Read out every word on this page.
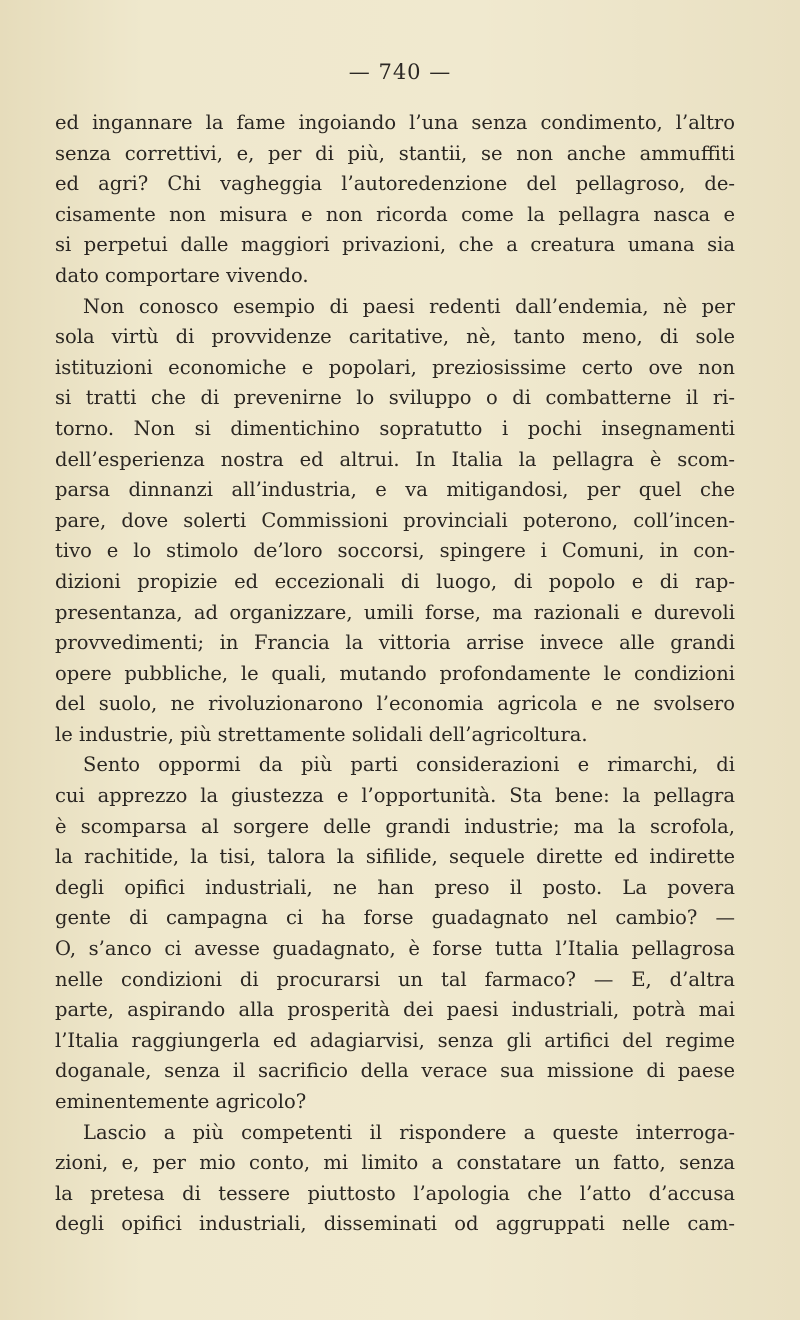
— 740 —
ed ingannare la fame ingoiando l’una senza condimento, l’altro
senza correttivi, e, per di più, stantii, se non anche ammuffiti
ed agri? Chi vagheggia l’autoredenzione del pellagroso, de-
cisamente non misura e non ricorda come la pellagra nasca e
si perpetui dalle maggiori privazioni, che a creatura umana sia
dato comportare vivendo.
Non conosco esempio di paesi redenti dall’endemia, nè per
sola virtù di provvidenze caritative, nè, tanto meno, di sole
istituzioni economiche e popolari, preziosissime certo ove non
si tratti che di prevenirne lo sviluppo o di combatterne il ri-
torno. Non si dimentichino sopratutto i pochi insegnamenti
dell’esperienza nostra ed altrui. In Italia la pellagra è scom-
parsa dinnanzi all’industria, e va mitigandosi, per quel che
pare, dove solerti Commissioni provinciali poterono, coll’incen-
tivo e lo stimolo de’loro soccorsi, spingere i Comuni, in con-
dizioni propizie ed eccezionali di luogo, di popolo e di rap-
presentanza, ad organizzare, umili forse, ma razionali e durevoli
provvedimenti; in Francia la vittoria arrise invece alle grandi
opere pubbliche, le quali, mutando profondamente le condizioni
del suolo, ne rivoluzionarono l’economia agricola e ne svolsero
le industrie, più strettamente solidali dell’agricoltura.
Sento oppormi da più parti considerazioni e rimarchi, di
cui apprezzo la giustezza e l’opportunità. Sta bene: la pellagra
è scomparsa al sorgere delle grandi industrie; ma la scrofola,
la rachitide, la tisi, talora la sifilide, sequele dirette ed indirette
degli opifici industriali, ne han preso il posto. La povera
gente di campagna ci ha forse guadagnato nel cambio? —
O, s’anco ci avesse guadagnato, è forse tutta l’Italia pellagrosa
nelle condizioni di procurarsi un tal farmaco? — E, d’altra
parte, aspirando alla prosperità dei paesi industriali, potrà mai
l’Italia raggiungerla ed adagiarvisi, senza gli artifici del regime
doganale, senza il sacrificio della verace sua missione di paese
eminentemente agricolo?
Lascio a più competenti il rispondere a queste interroga-
zioni, e, per mio conto, mi limito a constatare un fatto, senza
la pretesa di tessere piuttosto l’apologia che l’atto d’accusa
degli opifici industriali, disseminati od aggruppati nelle cam-
